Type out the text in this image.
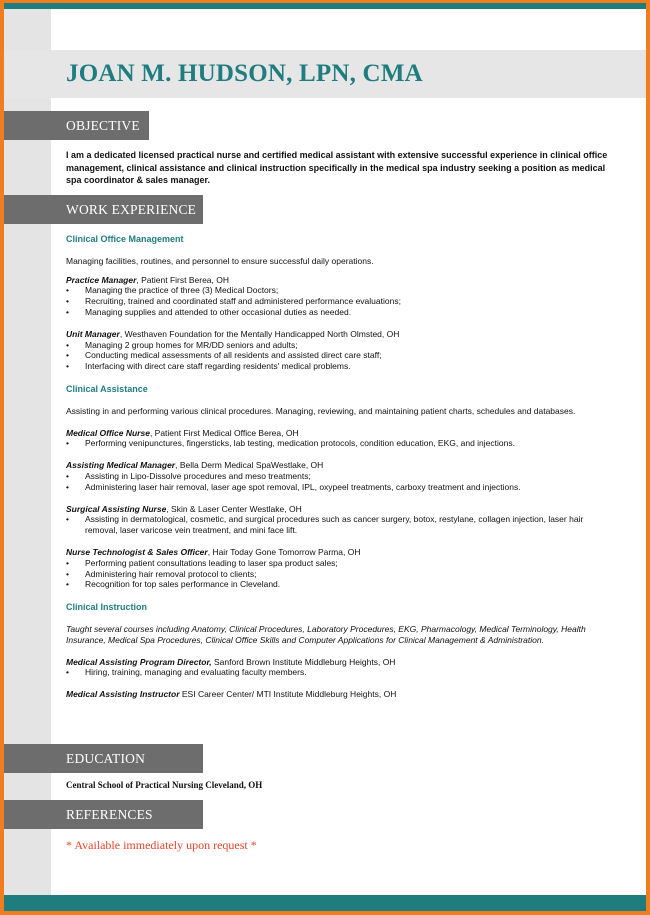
JOAN M. HUDSON, LPN, CMA
OBJECTIVE
I am a dedicated licensed practical nurse and certified medical assistant with extensive successful experience in clinical office management, clinical assistance and clinical instruction specifically in the medical spa industry seeking a position as medical spa coordinator & sales manager.
WORK EXPERIENCE
Clinical Office Management
Managing facilities, routines, and personnel to ensure successful daily operations.
Practice Manager, Patient First Berea, OH
• Managing the practice of three (3) Medical Doctors;
• Recruiting, trained and coordinated staff and administered performance evaluations;
• Managing supplies and attended to other occasional duties as needed.
Unit Manager, Westhaven Foundation for the Mentally Handicapped North Olmsted, OH
• Managing 2 group homes for MR/DD seniors and adults;
• Conducting medical assessments of all residents and assisted direct care staff;
• Interfacing with direct care staff regarding residents' medical problems.
Clinical Assistance
Assisting in and performing various clinical procedures. Managing, reviewing, and maintaining patient charts, schedules and databases.
Medical Office Nurse, Patient First Medical Office Berea, OH
• Performing venipunctures, fingersticks, lab testing, medication protocols, condition education, EKG, and injections.
Assisting Medical Manager, Bella Derm Medical SpaWestlake, OH
• Assisting in Lipo-Dissolve procedures and meso treatments;
• Administering laser hair removal, laser age spot removal, IPL, oxypeel treatments, carboxy treatment and injections.
Surgical Assisting Nurse, Skin & Laser Center Westlake, OH
• Assisting in dermatological, cosmetic, and surgical procedures such as cancer surgery, botox, restylane, collagen injection, laser hair removal, laser varicose vein treatment, and mini face lift.
Nurse Technologist & Sales Officer, Hair Today Gone Tomorrow Parma, OH
• Performing patient consultations leading to laser spa product sales;
• Administering hair removal protocol to clients;
• Recognition for top sales performance in Cleveland.
Clinical Instruction
Taught several courses including Anatomy, Clinical Procedures, Laboratory Procedures, EKG, Pharmacology, Medical Terminology, Health Insurance, Medical Spa Procedures, Clinical Office Skills and Computer Applications for Clinical Management & Administration.
Medical Assisting Program Director, Sanford Brown Institute Middleburg Heights, OH
• Hiring, training, managing and evaluating faculty members.
Medical Assisting Instructor ESI Career Center/ MTI Institute Middleburg Heights, OH
EDUCATION
Central School of Practical Nursing Cleveland, OH
REFERENCES
* Available immediately upon request *
